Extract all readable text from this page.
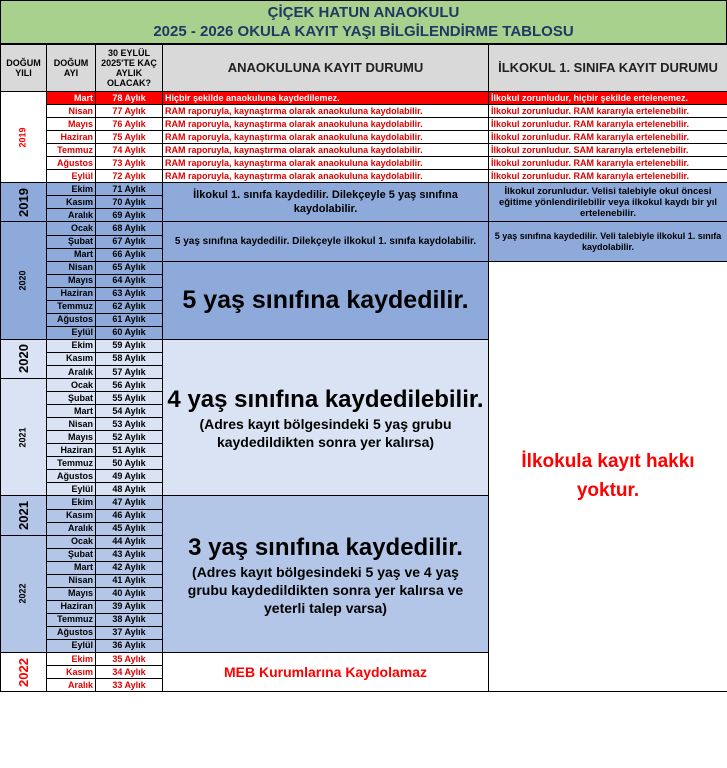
ÇİÇEK HATUN ANAOKULU
2025 - 2026 OKULA KAYIT YAŞI BİLGİLENDİRME TABLOSU
DOĞUM YILI	DOĞUM AYI	30 EYLÜL 2025'TE KAÇ AYLIK OLACAK?	ANAOKULUNA KAYIT DURUMU	İLKOKUL 1. SINIFA KAYIT DURUMU
2019	Mart	78 Aylık	Hiçbir şekilde anaokuluna kaydedilemez.	İlkokul zorunludur, hiçbir şekilde ertelenemez.
	Nisan	77 Aylık	RAM raporuyla, kaynaştırma olarak anaokuluna kaydolabilir.	İlkokul zorunludur. RAM kararıyla ertelenebilir.
	Mayıs	76 Aylık	RAM raporuyla, kaynaştırma olarak anaokuluna kaydolabilir.	İlkokul zorunludur. RAM kararıyla ertelenebilir.
	Haziran	75 Aylık	RAM raporuyla, kaynaştırma olarak anaokuluna kaydolabilir.	İlkokul zorunludur. RAM kararıyla ertelenebilir.
	Temmuz	74 Aylık	RAM raporuyla, kaynaştırma olarak anaokuluna kaydolabilir.	İlkokul zorunludur. SAM kararıyla ertelenebilir.
	Ağustos	73 Aylık	RAM raporuyla, kaynaştırma olarak anaokuluna kaydolabilir.	İlkokul zorunludur. RAM kararıyla ertelenebilir.
	Eylül	72 Aylık	RAM raporuyla, kaynaştırma olarak anaokuluna kaydolabilir.	İlkokul zorunludur. RAM kararıyla ertelenebilir.
2019	Ekim	71 Aylık	İlkokul 1. sınıfa kaydedilir. Dilekçeyle 5 yaş sınıfına kaydolabilir.	İlkokul zorunludur. Velisi talebiyle okul öncesi eğitime yönlendirilebilir veya ilkokul kaydı bir yıl ertelenebilir.
	Kasım	70 Aylık		
	Aralık	69 Aylık		
2020	Ocak	68 Aylık	5 yaş sınıfına kaydedilir. Dilekçeyle ilkokul 1. sınıfa kaydolabilir.	5 yaş sınıfına kaydedilir. Veli talebiyle ilkokul 1. sınıfa kaydolabilir.
	Şubat	67 Aylık		
	Mart	66 Aylık		
	Nisan	65 Aylık	5 yaş sınıfına kaydedilir.	İlkokula kayıt hakkı yoktur.
	Mayıs	64 Aylık		
	Haziran	63 Aylık		
	Temmuz	62 Aylık		
	Ağustos	61 Aylık		
	Eylül	60 Aylık		
2020	Ekim	59 Aylık	4 yaş sınıfına kaydedilebilir.
(Adres kayıt bölgesindeki 5 yaş grubu kaydedildikten sonra yer kalırsa)	

	Kasım	58 Aylık		
	Aralık	57 Aylık		
2021	Ocak	56 Aylık		
	Şubat	55 Aylık		
	Mart	54 Aylık		
	Nisan	53 Aylık		
	Mayıs	52 Aylık		
	Haziran	51 Aylık		
	Temmuz	50 Aylık		
	Ağustos	49 Aylık		
	Eylül	48 Aylık		
2021	Ekim	47 Aylık	3 yaş sınıfına kaydedilir.
(Adres kayıt bölgesindeki 5 yaş ve 4 yaş grubu kaydedildikten sonra yer kalırsa ve yeterli talep varsa)	

	Kasım	46 Aylık		
	Aralık	45 Aylık		
2022	Ocak	44 Aylık		
	Şubat	43 Aylık		
	Mart	42 Aylık		
	Nisan	41 Aylık		
	Mayıs	40 Aylık		
	Haziran	39 Aylık		
	Temmuz	38 Aylık		
	Ağustos	37 Aylık		
	Eylül	36 Aylık		
2022	Ekim	35 Aylık	MEB Kurumlarına Kaydolamaz	
	Kasım	34 Aylık		
	Aralık	33 Aylık		
